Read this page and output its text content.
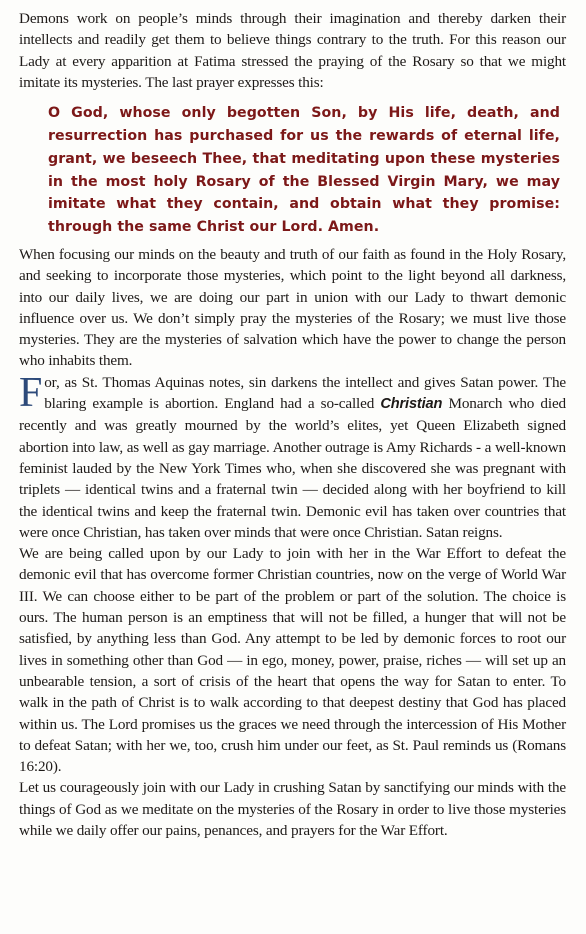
Demons work on people’s minds through their imagination and thereby darken their intellects and readily get them to believe things contrary to the truth. For this reason our Lady at every apparition at Fatima stressed the praying of the Rosary so that we might imitate its mysteries. The last prayer expresses this:

O God, whose only begotten Son, by His life, death, and resurrection has purchased for us the rewards of eternal life, grant, we beseech Thee, that meditating upon these mysteries in the most holy Rosary of the Blessed Virgin Mary, we may imitate what they contain, and obtain what they promise: through the same Christ our Lord. Amen.

When focusing our minds on the beauty and truth of our faith as found in the Holy Rosary, and seeking to incorporate those mysteries, which point to the light beyond all darkness, into our daily lives, we are doing our part in union with our Lady to thwart demonic influence over us. We don’t simply pray the mysteries of the Rosary; we must live those mysteries. They are the mysteries of salvation which have the power to change the person who inhabits them.

For, as St. Thomas Aquinas notes, sin darkens the intellect and gives Satan power. The blaring example is abortion. England had a so-called Christian Monarch who died recently and was greatly mourned by the world’s elites, yet Queen Elizabeth signed abortion into law, as well as gay marriage. Another outrage is Amy Richards - a well-known feminist lauded by the New York Times who, when she discovered she was pregnant with triplets — identical twins and a fraternal twin — decided along with her boyfriend to kill the identical twins and keep the fraternal twin. Demonic evil has taken over countries that were once Christian, has taken over minds that were once Christian. Satan reigns.

We are being called upon by our Lady to join with her in the War Effort to defeat the demonic evil that has overcome former Christian countries, now on the verge of World War III. We can choose either to be part of the problem or part of the solution. The choice is ours. The human person is an emptiness that will not be filled, a hunger that will not be satisfied, by anything less than God. Any attempt to be led by demonic forces to root our lives in something other than God — in ego, money, power, praise, riches — will set up an unbearable tension, a sort of crisis of the heart that opens the way for Satan to enter. To walk in the path of Christ is to walk according to that deepest destiny that God has placed within us. The Lord promises us the graces we need through the intercession of His Mother to defeat Satan; with her we, too, crush him under our feet, as St. Paul reminds us (Romans 16:20).

Let us courageously join with our Lady in crushing Satan by sanctifying our minds with the things of God as we meditate on the mysteries of the Rosary in order to live those mysteries while we daily offer our pains, penances, and prayers for the War Effort.
